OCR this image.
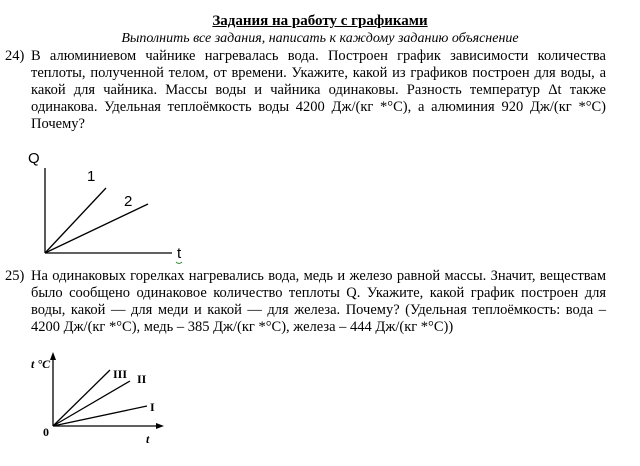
Задания на работу с графиками
Выполнить все задания, написать к каждому заданию объяснение
24) В алюминиевом чайнике нагревалась вода. Построен график зависимости количества теплоты, полученной телом, от времени. Укажите, какой из графиков построен для воды, а какой для чайника. Массы воды и чайника одинаковы. Разность температур Δt также одинакова. Удельная теплоёмкость воды 4200 Дж/(кг *°С), а алюминия 920 Дж/(кг *°С) Почему?
Q
t
1
2
25) На одинаковых горелках нагревались вода, медь и железо равной массы. Значит, веществам было сообщено одинаковое количество теплоты Q. Укажите, какой график построен для воды, какой — для меди и какой — для железа. Почему? (Удельная теплоёмкость: вода – 4200 Дж/(кг *°С), медь – 385 Дж/(кг *°С), железа – 444 Дж/(кг *°С))
t °C
t
0
III II
I
